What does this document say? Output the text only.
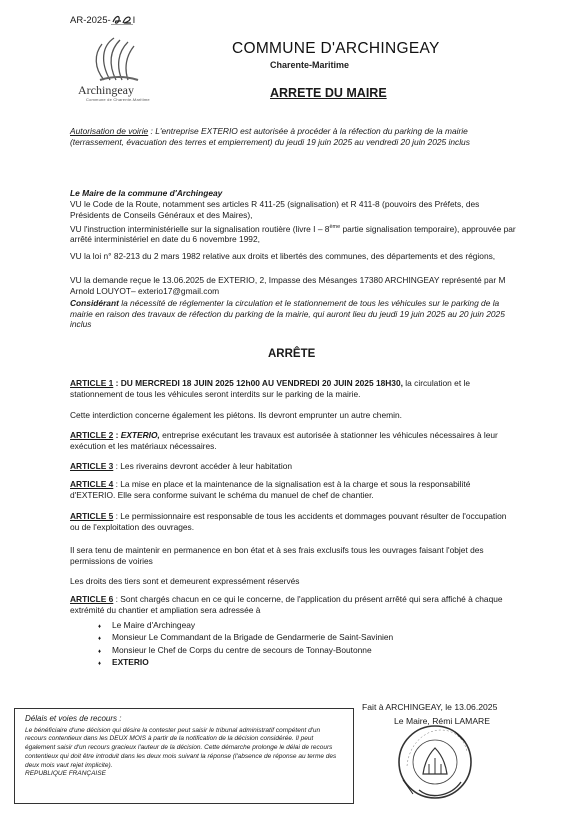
AR-2025- I
Archingeay
Commune de Charente-Maritime
COMMUNE D'ARCHINGEAY
Charente-Maritime
ARRETE DU MAIRE
Autorisation de voirie : L'entreprise EXTERIO est autorisée à procéder à la réfection du parking de la mairie (terrassement, évacuation des terres et empierrement) du jeudi 19 juin 2025 au vendredi 20 juin 2025 inclus
Le Maire de la commune d'Archingeay
VU le Code de la Route, notamment ses articles R 411-25 (signalisation) et R 411-8 (pouvoirs des Préfets, des Présidents de Conseils Généraux et des Maires),
VU l'instruction interministérielle sur la signalisation routière (livre I – 8ème partie signalisation temporaire), approuvée par arrêté interministériel en date du 6 novembre 1992,
VU la loi n° 82-213 du 2 mars 1982 relative aux droits et libertés des communes, des départements et des régions,
VU la demande reçue le 13.06.2025 de EXTERIO, 2, Impasse des Mésanges 17380 ARCHINGEAY représenté par M Arnold LOUYOT– exterio17@gmail.com
Considérant la nécessité de réglementer la circulation et le stationnement de tous les véhicules sur le parking de la mairie en raison des travaux de réfection du parking de la mairie, qui auront lieu du jeudi 19 juin 2025 au 20 juin 2025 inclus
ARRÊTE
ARTICLE 1 : DU MERCREDI 18 JUIN 2025 12h00 AU VENDREDI 20 JUIN 2025 18H30, la circulation et le stationnement de tous les véhicules seront interdits sur le parking de la mairie.
Cette interdiction concerne également les piétons. Ils devront emprunter un autre chemin.
ARTICLE 2 : EXTERIO, entreprise exécutant les travaux est autorisée à stationner les véhicules nécessaires à leur exécution et les matériaux nécessaires.
ARTICLE 3 : Les riverains devront accéder à leur habitation
ARTICLE 4 : La mise en place et la maintenance de la signalisation est à la charge et sous la responsabilité d'EXTERIO. Elle sera conforme suivant le schéma du manuel de chef de chantier.
ARTICLE 5 : Le permissionnaire est responsable de tous les accidents et dommages pouvant résulter de l'occupation ou de l'exploitation des ouvrages.
Il sera tenu de maintenir en permanence en bon état et à ses frais exclusifs tous les ouvrages faisant l'objet des permissions de voiries
Les droits des tiers sont et demeurent expressément réservés
ARTICLE 6 : Sont chargés chacun en ce qui le concerne, de l'application du présent arrêté qui sera affiché à chaque extrémité du chantier et ampliation sera adressée à
♦ Le Maire d'Archingeay
♦ Monsieur Le Commandant de la Brigade de Gendarmerie de Saint-Savinien
♦ Monsieur le Chef de Corps du centre de secours de Tonnay-Boutonne
♦ EXTERIO
Fait à ARCHINGEAY, le 13.06.2025
Le Maire, Rémi LAMARE
Délais et voies de recours :
Le bénéficiaire d'une décision qui désire la contester peut saisir le tribunal administratif compétent d'un recours contentieux dans les DEUX MOIS à partir de la notification de la décision considérée. Il peut également saisir d'un recours gracieux l'auteur de la décision. Cette démarche prolonge le délai de recours contentieux qui doit être introduit dans les deux mois suivant la réponse (l'absence de réponse au terme des deux mois vaut rejet implicite).
REPUBLIQUE FRANÇAISE
